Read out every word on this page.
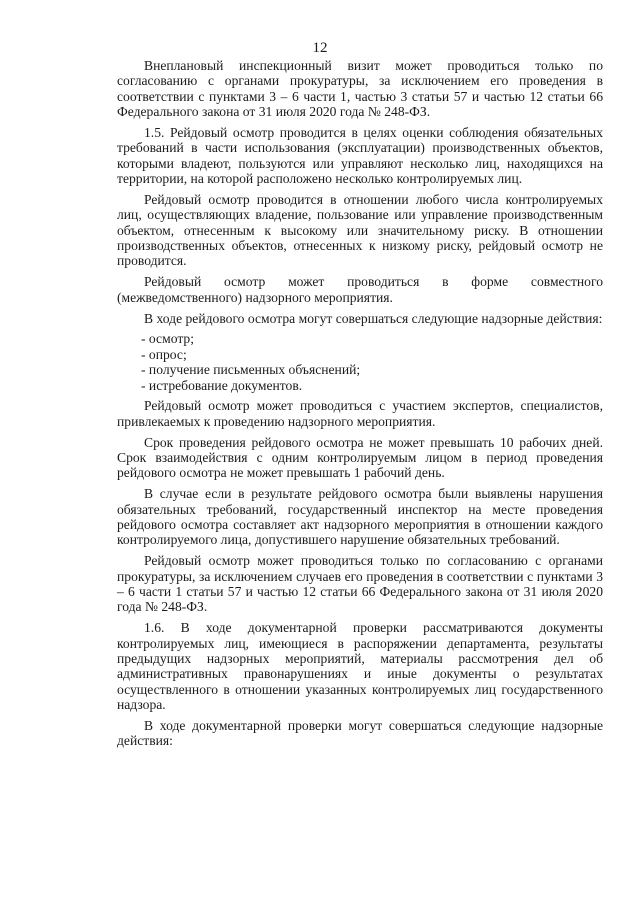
12

Внеплановый инспекционный визит может проводиться только по согласованию с органами прокуратуры, за исключением его проведения в соответствии с пунктами 3 – 6 части 1, частью 3 статьи 57 и частью 12 статьи 66 Федерального закона от 31 июля 2020 года № 248-ФЗ.

1.5. Рейдовый осмотр проводится в целях оценки соблюдения обязательных требований в части использования (эксплуатации) производственных объектов, которыми владеют, пользуются или управляют несколько лиц, находящихся на территории, на которой расположено несколько контролируемых лиц.

Рейдовый осмотр проводится в отношении любого числа контролируемых лиц, осуществляющих владение, пользование или управление производственным объектом, отнесенным к высокому или значительному риску. В отношении производственных объектов, отнесенных к низкому риску, рейдовый осмотр не проводится.

Рейдовый осмотр может проводиться в форме совместного (межведомственного) надзорного мероприятия.

В ходе рейдового осмотра могут совершаться следующие надзорные действия:

- осмотр;

- опрос;

- получение письменных объяснений;

- истребование документов.

Рейдовый осмотр может проводиться с участием экспертов, специалистов, привлекаемых к проведению надзорного мероприятия.

Срок проведения рейдового осмотра не может превышать 10 рабочих дней. Срок взаимодействия с одним контролируемым лицом в период проведения рейдового осмотра не может превышать 1 рабочий день.

В случае если в результате рейдового осмотра были выявлены нарушения обязательных требований, государственный инспектор на месте проведения рейдового осмотра составляет акт надзорного мероприятия в отношении каждого контролируемого лица, допустившего нарушение обязательных требований.

Рейдовый осмотр может проводиться только по согласованию с органами прокуратуры, за исключением случаев его проведения в соответствии с пунктами 3 – 6 части 1 статьи 57 и частью 12 статьи 66 Федерального закона от 31 июля 2020 года № 248-ФЗ.

1.6. В ходе документарной проверки рассматриваются документы контролируемых лиц, имеющиеся в распоряжении департамента, результаты предыдущих надзорных мероприятий, материалы рассмотрения дел об административных правонарушениях и иные документы о результатах осуществленного в отношении указанных контролируемых лиц государственного надзора.

В ходе документарной проверки могут совершаться следующие надзорные действия:
